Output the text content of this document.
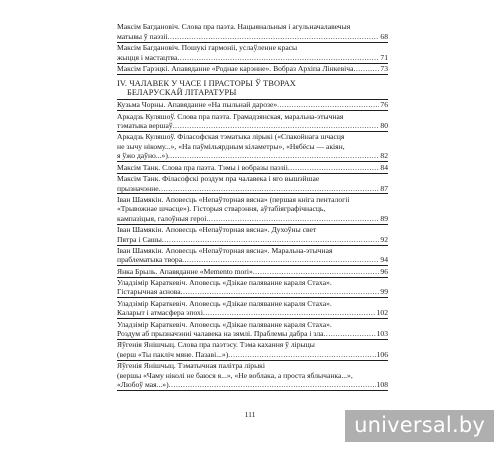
Максім Багдановіч. Слова пра паэта. Нацыянальныя і агульначалавечыя
матывы ў паэзіі .....	68
Максім Багдановіч. Пошукі гармоніі, услаўленне красы
жыцця і мастацтва .....	71
Максім Гарэцкі. Апавяданне «Роднае карэнне». Вобраз Архіпа Лінкевіча .....	73
IV. ЧАЛАВЕК У ЧАСЕ І ПРАСТОРЫ Ў ТВОРАХ
БЕЛАРУСКАЙ ЛІТАРАТУРЫ
Кузьма Чорны. Апавяданне «На пыльнай дарозе» .....	76
Аркадзь Куляшоў. Слова пра паэта. Грамадзянская, маральна-этычная
тэматыка вершаў .....	80
Аркадзь Куляшоў. Філасофская тэматыка лірыкі («Спакойнага шчасця
не зычу нікому...», «На паўмільярдным кіламетры», «Нябёсы — акіян,
я ўжо даўно...») .....	82
Максім Танк. Слова пра паэта. Тэмы і вобразы паэзіі .....	84
Максім Танк. Філасофскі роздум пра чалавека і яго вышэйшае
прызначэнне .....	87
Іван Шамякін. Аповесць «Непаўторная вясна» (першая кніга пенталогіі
«Трывожнае шчасце»). Гісторыя стварэння, аўтабіяграфічнасць,
кампазіцыя, галоўныя героі .....	89
Іван Шамякін. Аповесць «Непаўторная вясна». Духоўны свет
Пятра і Сашы .....	92
Іван Шамякін. Аповесць «Непаўторная вясна». Маральна-этычная
праблематыка твора .....	94
Янка Брыль. Апавяданне «Memento mori» .....	96
Уладзімір Караткевіч. Аповесць «Дзікае паляванне караля Стаха».
Гістарычная аснова .....	99
Уладзімір Караткевіч. Аповесць «Дзікае паляванне караля Стаха».
Каларыт і атмасфера эпохі .....	102
Уладзімір Караткевіч. Аповесць «Дзікае паляванне караля Стаха».
Роздум аб прызначэнні чалавека на зямлі. Праблемы дабра і зла .....	103
Яўгенія Янішчыц. Слова пра паэтэсу. Тэма кахання ў лірыцы
(верш «Ты пакліч мяне. Пазаві...») .....	106
Яўгенія Янішчыц. Тэматычная палітра лірыкі
(вершы «Чаму ніколі не баюся я...», «Не воблака, а проста яблычанка...»,
«Любоў мая...») .....	108
111	universal.by
